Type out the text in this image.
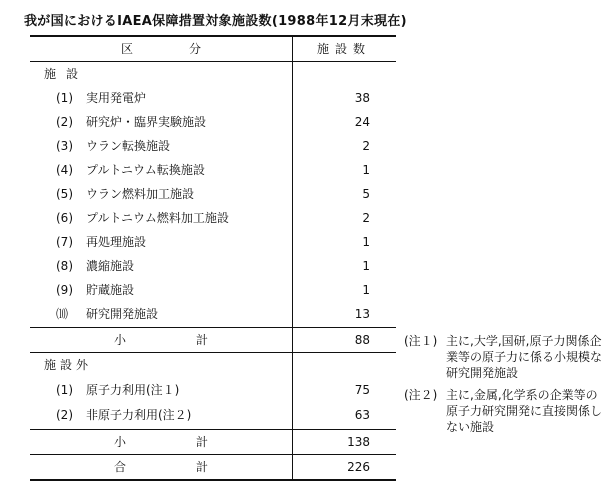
我が国におけるIAEA保障措置対象施設数(1988年12月末現在)
区分	施設数
施設
(1)	実用発電炉	38
(2)	研究炉・臨界実験施設	24
(3)	ウラン転換施設	2
(4)	プルトニウム転換施設	1
(5)	ウラン燃料加工施設	5
(6)	プルトニウム燃料加工施設	2
(7)	再処理施設	1
(8)	濃縮施設	1
(9)	貯蔵施設	1
⑽	研究開発施設	13
小計	88
施設外
(1)	原子力利用(注１)	75
(2)	非原子力利用(注２)	63
小計	138
合計	226
(注１) 主に,大学,国研,原子力関係企業等の原子力に係る小規模な研究開発施設
(注２) 主に,金属,化学系の企業等の原子力研究開発に直接関係しない施設
